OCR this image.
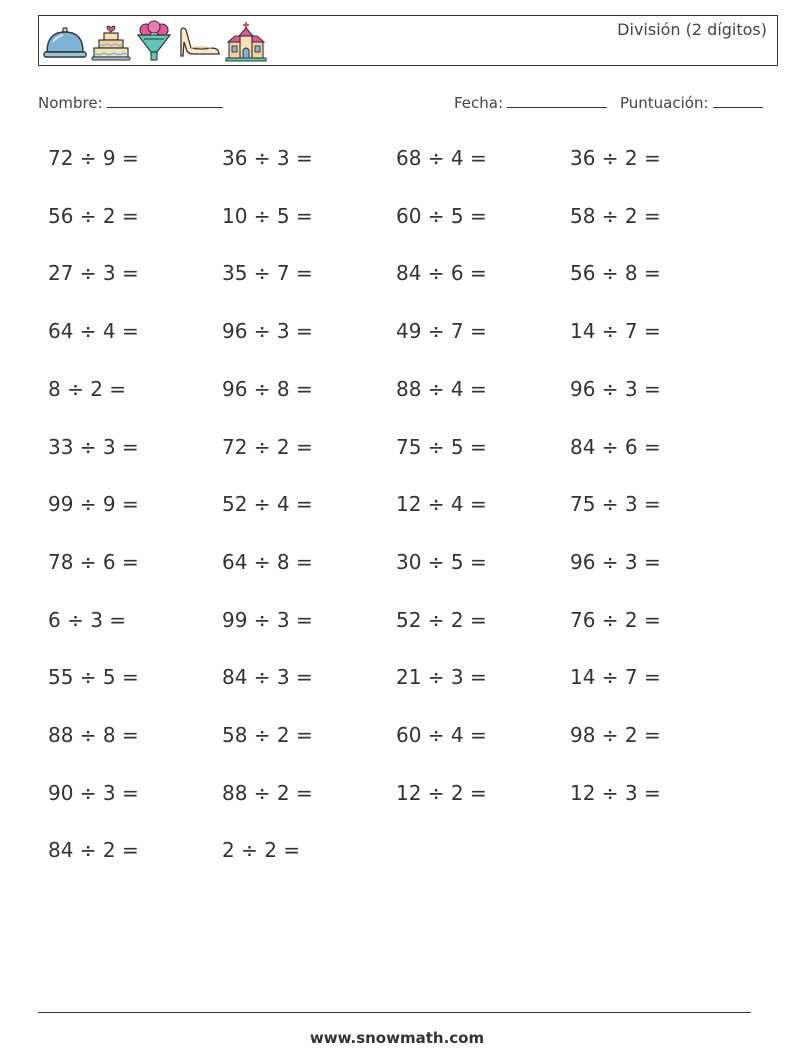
División (2 dígitos)
Nombre:	Fecha:	Puntuación:
72 ÷ 9 =	36 ÷ 3 =	68 ÷ 4 =	36 ÷ 2 =
56 ÷ 2 =	10 ÷ 5 =	60 ÷ 5 =	58 ÷ 2 =
27 ÷ 3 =	35 ÷ 7 =	84 ÷ 6 =	56 ÷ 8 =
64 ÷ 4 =	96 ÷ 3 =	49 ÷ 7 =	14 ÷ 7 =
8 ÷ 2 =	96 ÷ 8 =	88 ÷ 4 =	96 ÷ 3 =
33 ÷ 3 =	72 ÷ 2 =	75 ÷ 5 =	84 ÷ 6 =
99 ÷ 9 =	52 ÷ 4 =	12 ÷ 4 =	75 ÷ 3 =
78 ÷ 6 =	64 ÷ 8 =	30 ÷ 5 =	96 ÷ 3 =
6 ÷ 3 =	99 ÷ 3 =	52 ÷ 2 =	76 ÷ 2 =
55 ÷ 5 =	84 ÷ 3 =	21 ÷ 3 =	14 ÷ 7 =
88 ÷ 8 =	58 ÷ 2 =	60 ÷ 4 =	98 ÷ 2 =
90 ÷ 3 =	88 ÷ 2 =	12 ÷ 2 =	12 ÷ 3 =
84 ÷ 2 =	2 ÷ 2 =
www.snowmath.com
